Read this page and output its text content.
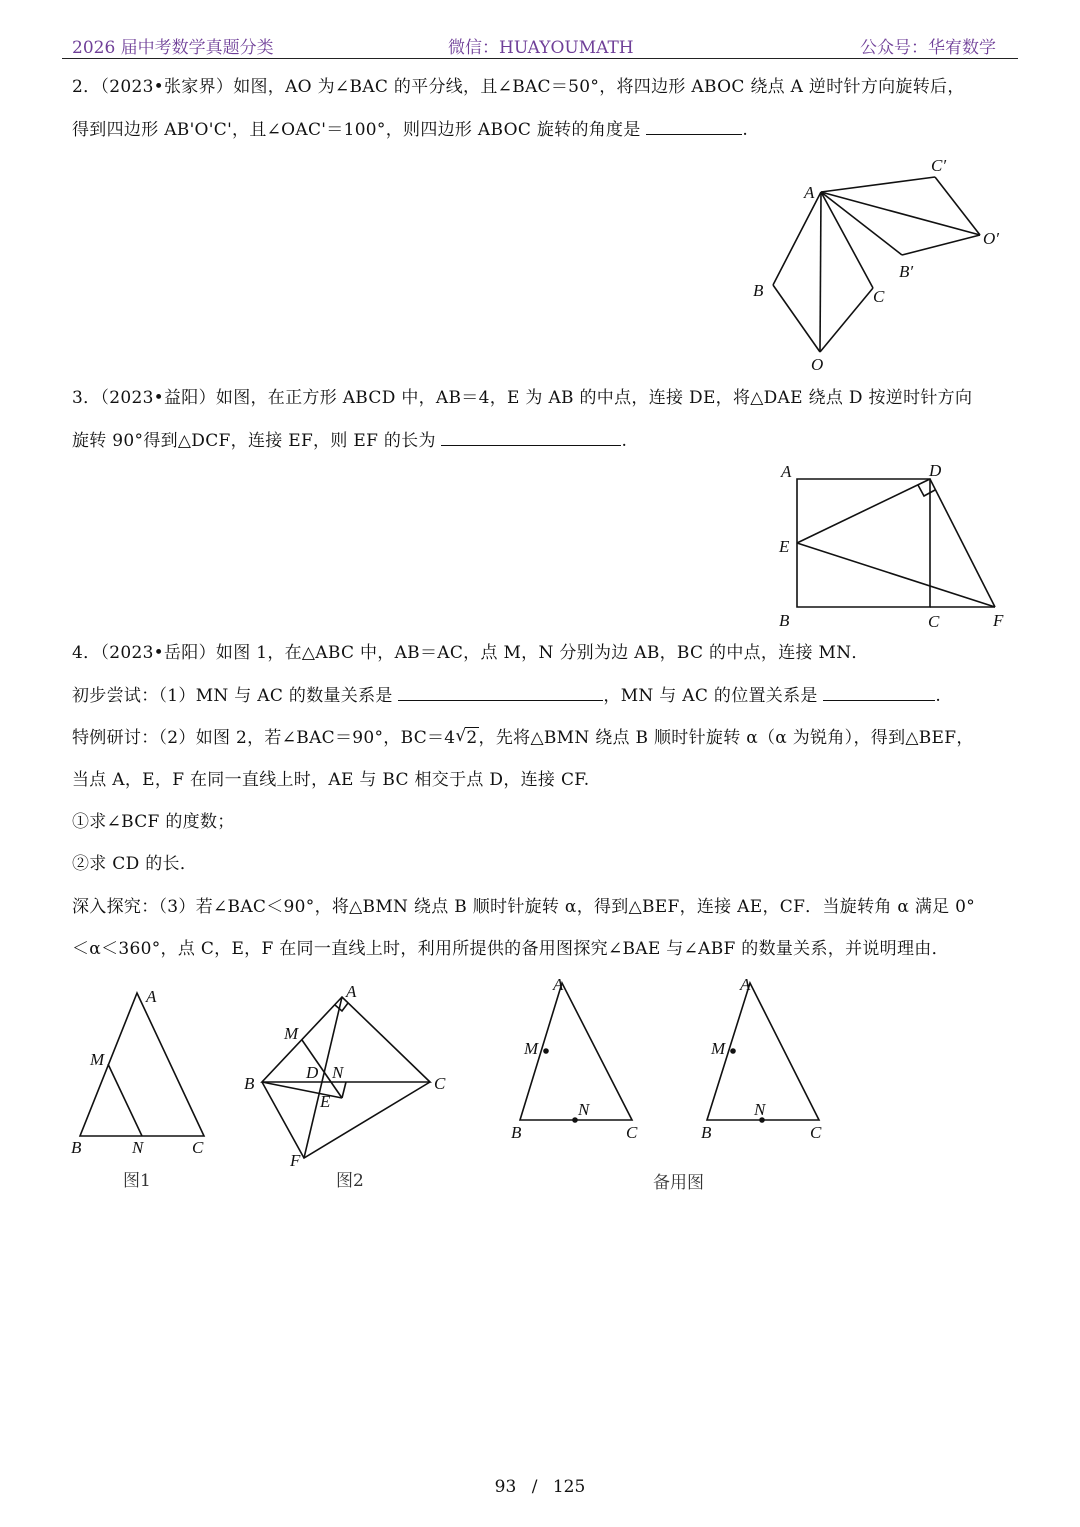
2026 届中考数学真题分类	微信：HUAYOUMATH	公众号：华宥数学
2．（2023•张家界）如图，AO 为∠BAC 的平分线，且∠BAC＝50°，将四边形 ABOC 绕点 A 逆时针方向旋转后，
得到四边形 AB'O'C'，且∠OAC'＝100°，则四边形 ABOC 旋转的角度是	.
A
B	C
O
B′
C′
O′
3．（2023•益阳）如图，在正方形 ABCD 中，AB＝4，E 为 AB 的中点，连接 DE，将△DAE 绕点 D 按逆时针方向
旋转 90°得到△DCF，连接 EF，则 EF 的长为	.
A	D
E
B	C	F
4．（2023•岳阳）如图 1，在△ABC 中，AB＝AC，点 M，N 分别为边 AB，BC 的中点，连接 MN．
初步尝试：（1）MN 与 AC 的数量关系是	，MN 与 AC 的位置关系是	.
特例研讨：（2）如图 2，若∠BAC＝90°，BC＝4 √ 2，先将△BMN 绕点 B 顺时针旋转 α（α 为锐角），得到△BEF，
当点 A，E，F 在同一直线上时，AE 与 BC 相交于点 D，连接 CF.
①求∠BCF 的度数；
②求 CD 的长．
深入探究：（3）若∠BAC＜90°，将△BMN 绕点 B 顺时针旋转 α，得到△BEF，连接 AE，CF．当旋转角 α 满足 0°
＜α＜360°，点 C，E，F 在同一直线上时，利用所提供的备用图探究∠BAE 与∠ABF 的数量关系，并说明理由．
A
M
B	N	C
图1
A
M
B
D N
E
C
F
图2
A
M
B
N
C
A
M
B
N
C
备用图
93 / 125
